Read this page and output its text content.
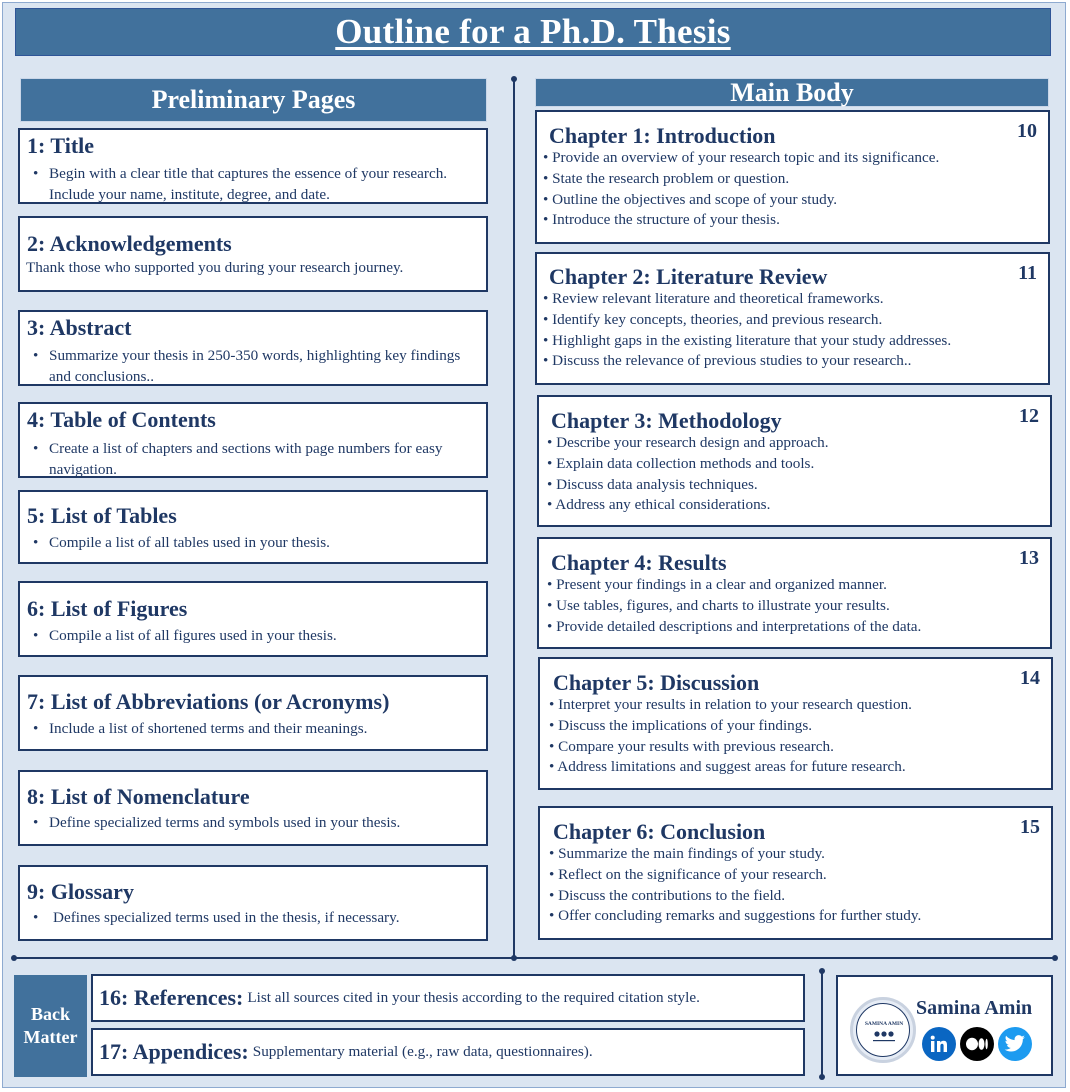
Outline for a Ph.D. Thesis
Preliminary Pages	Main Body
1: Title
• Begin with a clear title that captures the essence of your research. Include your name, institute, degree, and date.
2: Acknowledgements
Thank those who supported you during your research journey.
3: Abstract
• Summarize your thesis in 250-350 words, highlighting key findings and conclusions..
4: Table of Contents
• Create a list of chapters and sections with page numbers for easy navigation.
5: List of Tables
• Compile a list of all tables used in your thesis.
6: List of Figures
• Compile a list of all figures used in your thesis.
7: List of Abbreviations (or Acronyms)
• Include a list of shortened terms and their meanings.
8: List of Nomenclature
• Define specialized terms and symbols used in your thesis.
9: Glossary
• Defines specialized terms used in the thesis, if necessary.
Chapter 1: Introduction	10
• Provide an overview of your research topic and its significance.
• State the research problem or question.
• Outline the objectives and scope of your study.
• Introduce the structure of your thesis.
Chapter 2: Literature Review	11
• Review relevant literature and theoretical frameworks.
• Identify key concepts, theories, and previous research.
• Highlight gaps in the existing literature that your study addresses.
• Discuss the relevance of previous studies to your research..
Chapter 3: Methodology	12
• Describe your research design and approach.
• Explain data collection methods and tools.
• Discuss data analysis techniques.
• Address any ethical considerations.
Chapter 4: Results	13
• Present your findings in a clear and organized manner.
• Use tables, figures, and charts to illustrate your results.
• Provide detailed descriptions and interpretations of the data.
Chapter 5: Discussion	14
• Interpret your results in relation to your research question.
• Discuss the implications of your findings.
• Compare your results with previous research.
• Address limitations and suggest areas for future research.
Chapter 6: Conclusion	15
• Summarize the main findings of your study.
• Reflect on the significance of your research.
• Discuss the contributions to the field.
• Offer concluding remarks and suggestions for further study.
Back
Matter
16: References: List all sources cited in your thesis according to the required citation style.
17: Appendices: Supplementary material (e.g., raw data, questionnaires).
SAMINA AMIN
Samina Amin
